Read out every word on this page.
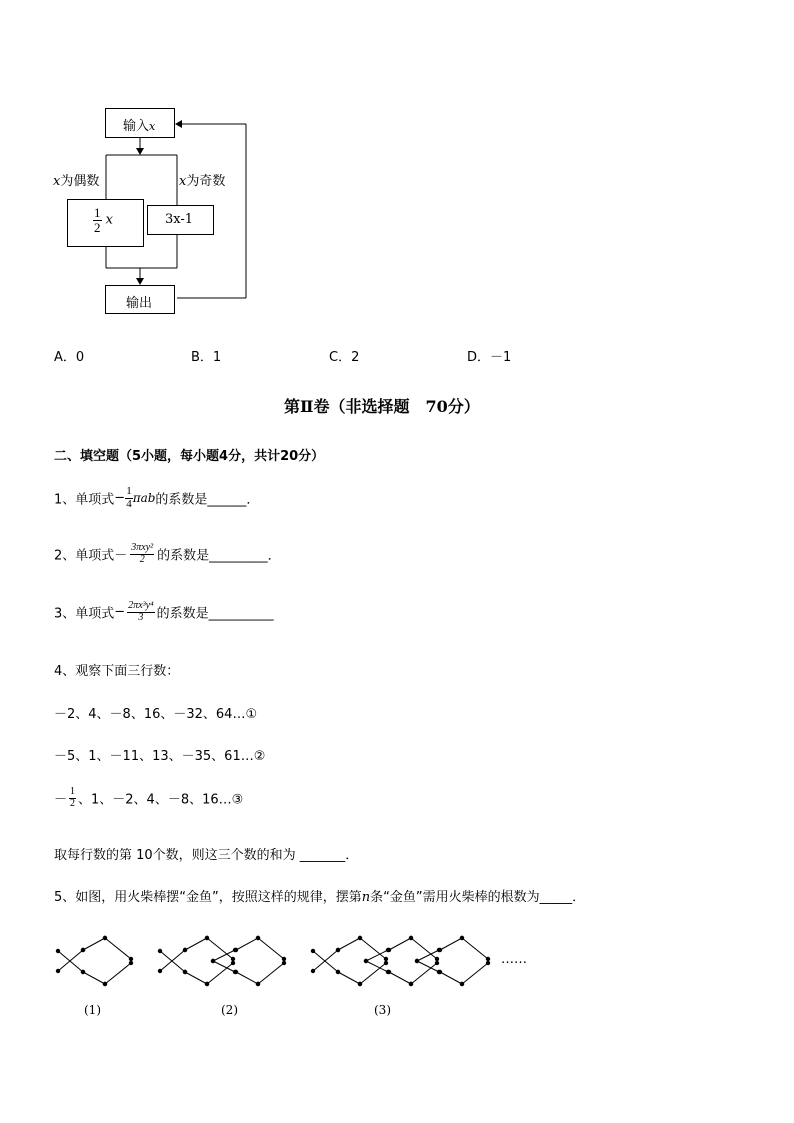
输入x
x为偶数	x为奇数
$\frac{1}{2}$ x	3x-1
输出
A．0	B．1	C．2	D．－1
第Ⅱ卷（非选择题　70分）
二、填空题（5小题，每小题4分，共计20分）
1、单项式− $\frac{1}{4}$ πab的系数是______．
2、单项式－ $\frac{\text{3πxy²}}{2}$ 的系数是_________．
3、单项式− $\frac{\text{2πx³y⁴}}{3}$ 的系数是__________
4、观察下面三行数：
－2、4、－8、16、－32、64…①
－5、1、－11、13、－35、61…②
－ $\frac{1}{2}$ 、1、－2、4、－8、16…③
取每行数的第 10个数，则这三个数的和为 _______．
5、如图，用火柴棒摆“金鱼”，按照这样的规律，摆第n条“金鱼”需用火柴棒的根数为_____．
(1)	(2)	(3)
……
